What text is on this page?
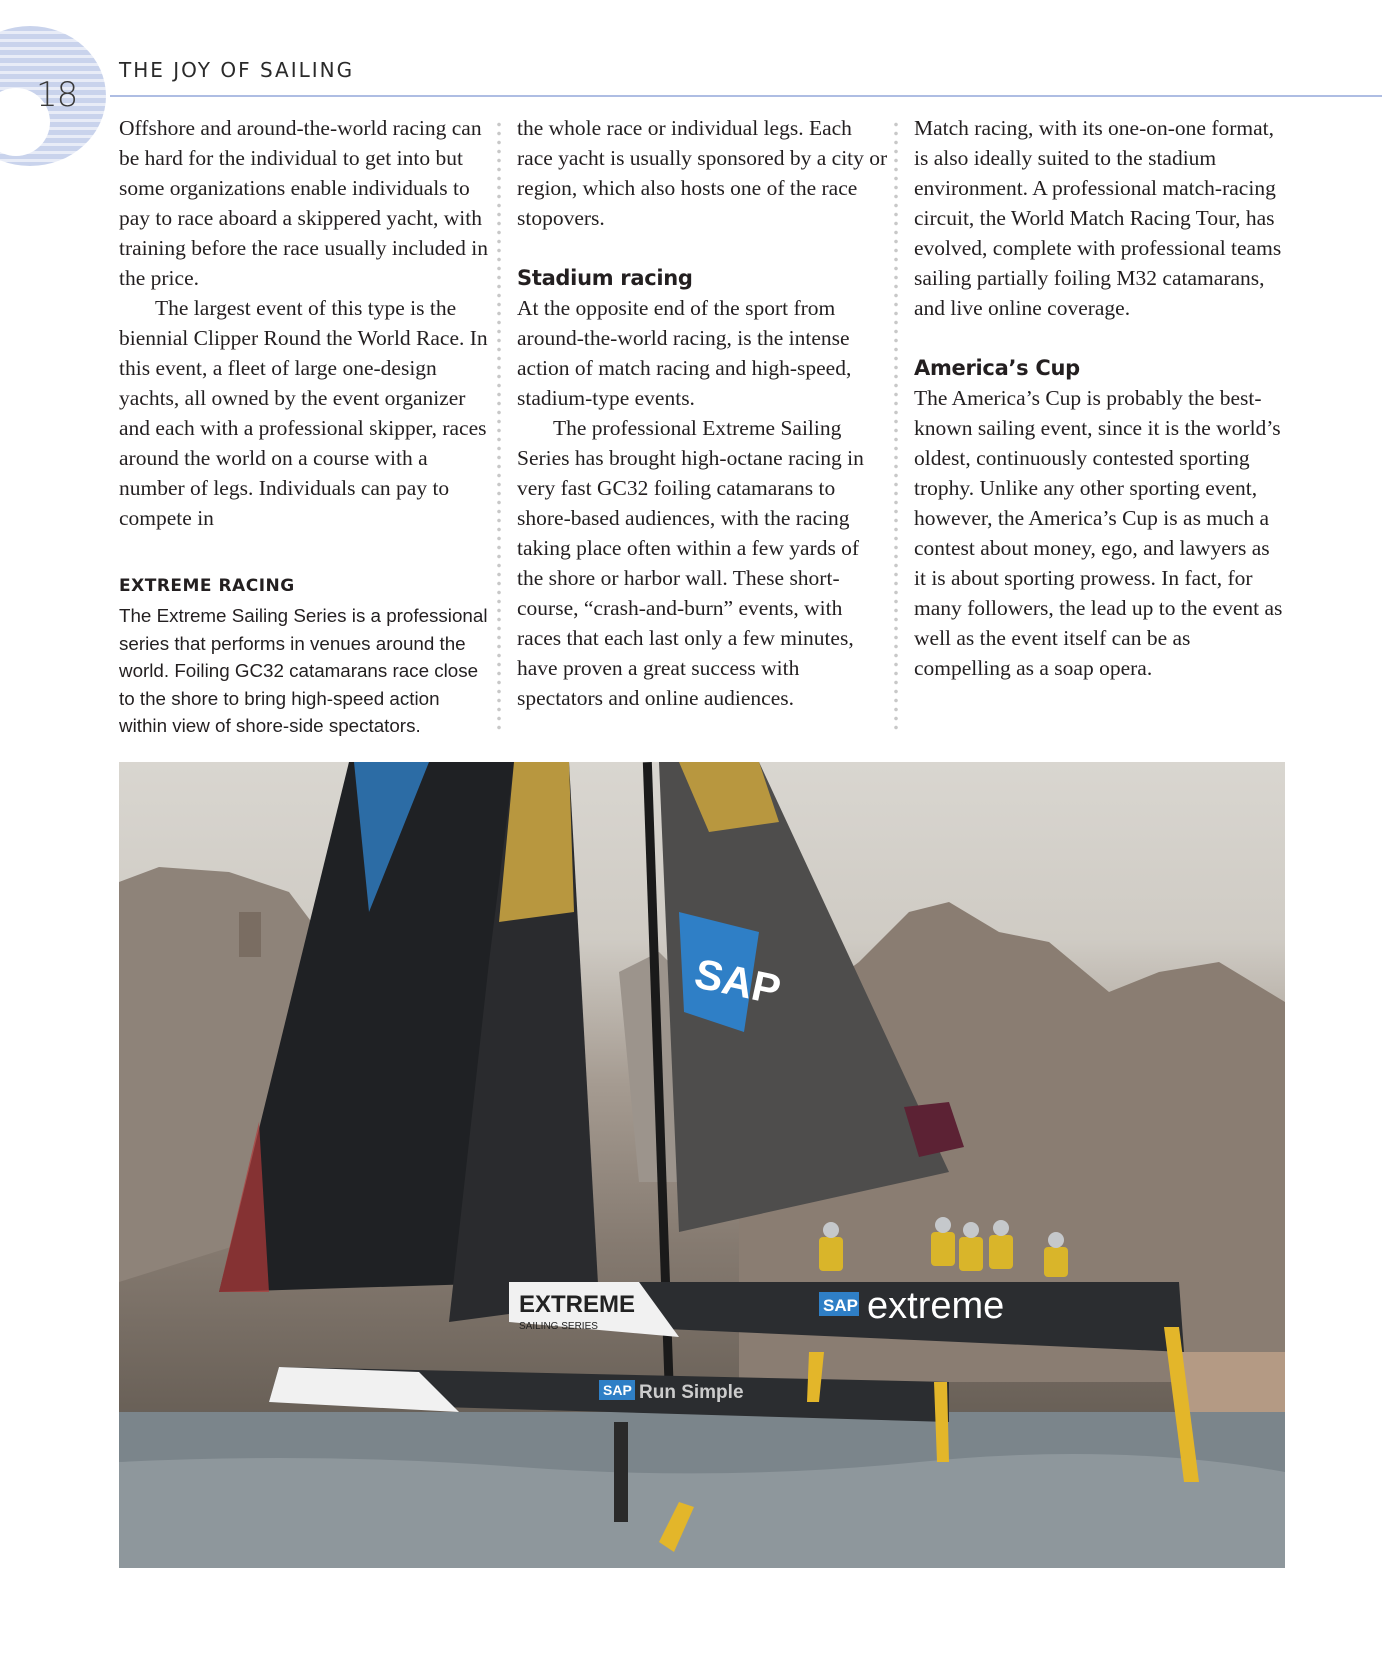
18
THE JOY OF SAILING

Offshore and around-the-world racing can be hard for the individual to get into but some organizations enable individuals to pay to race aboard a skippered yacht, with training before the race usually included in the price.

The largest event of this type is the biennial Clipper Round the World Race. In this event, a fleet of large one-design yachts, all owned by the event organizer and each with a professional skipper, races around the world on a course with a number of legs. Individuals can pay to compete in

the whole race or individual legs. Each race yacht is usually sponsored by a city or region, which also hosts one of the race stopovers.

Stadium racing

At the opposite end of the sport from around-the-world racing, is the intense action of match racing and high-speed, stadium-type events.

The professional Extreme Sailing Series has brought high-octane racing in very fast GC32 foiling catamarans to shore-based audiences, with the racing taking place often within a few yards of the shore or harbor wall. These short-course, “crash-and-burn” events, with races that each last only a few minutes, have proven a great success with spectators and online audiences.

Match racing, with its one-on-one format, is also ideally suited to the stadium environment. A professional match-racing circuit, the World Match Racing Tour, has evolved, complete with professional teams sailing partially foiling M32 catamarans, and live online coverage.

America’s Cup

The America’s Cup is probably the best-known sailing event, since it is the world’s oldest, continuously contested sporting trophy. Unlike any other sporting event, however, the America’s Cup is as much a contest about money, ego, and lawyers as it is about sporting prowess. In fact, for many followers, the lead up to the event as well as the event itself can be as compelling as a soap opera.

EXTREME RACING
The Extreme Sailing Series is a professional series that performs in venues around the world. Foiling GC32 catamarans race close to the shore to bring high-speed action within view of shore-side spectators.
SAP
EXTREME
SAILING SERIES
SAP extreme
SAP Run Simple
